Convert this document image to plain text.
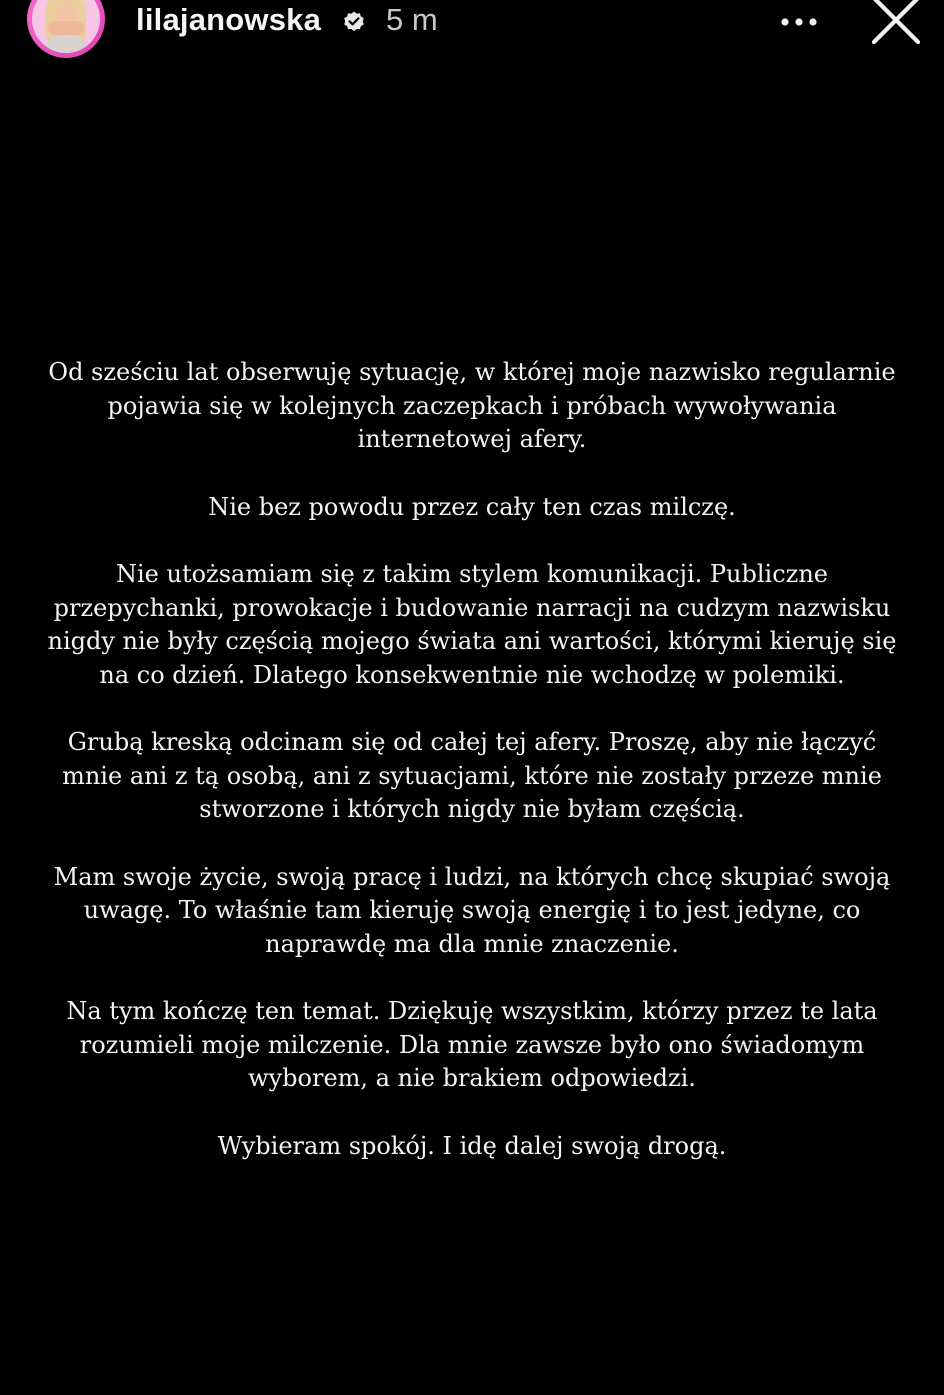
lilajanowska 5 m

Od sześciu lat obserwuję sytuację, w której moje nazwisko regularnie pojawia się w kolejnych zaczepkach i próbach wywoływania internetowej afery.

Nie bez powodu przez cały ten czas milczę.

Nie utożsamiam się z takim stylem komunikacji. Publiczne przepychanki, prowokacje i budowanie narracji na cudzym nazwisku nigdy nie były częścią mojego świata ani wartości, którymi kieruję się na co dzień. Dlatego konsekwentnie nie wchodzę w polemiki.

Grubą kreską odcinam się od całej tej afery. Proszę, aby nie łączyć mnie ani z tą osobą, ani z sytuacjami, które nie zostały przeze mnie stworzone i których nigdy nie byłam częścią.

Mam swoje życie, swoją pracę i ludzi, na których chcę skupiać swoją uwagę. To właśnie tam kieruję swoją energię i to jest jedyne, co naprawdę ma dla mnie znaczenie.

Na tym kończę ten temat. Dziękuję wszystkim, którzy przez te lata rozumieli moje milczenie. Dla mnie zawsze było ono świadomym wyborem, a nie brakiem odpowiedzi.

Wybieram spokój. I idę dalej swoją drogą.
